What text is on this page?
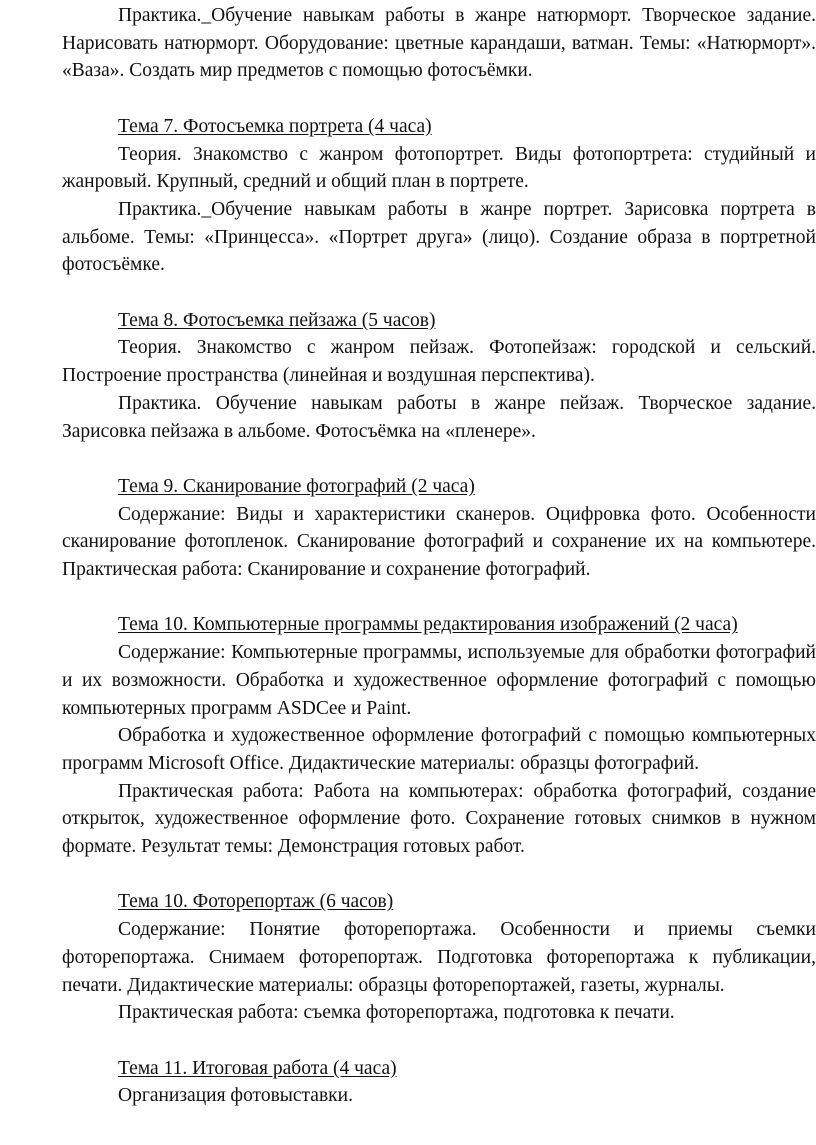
Практика._Обучение навыкам работы в жанре натюрморт. Творческое задание. Нарисовать натюрморт. Оборудование: цветные карандаши, ватман. Темы: «Натюрморт». «Ваза». Создать мир предметов с помощью фотосъёмки.

Тема 7. Фотосъемка портрета (4 часа)

Теория. Знакомство с жанром фотопортрет. Виды фотопортрета: студийный и жанровый. Крупный, средний и общий план в портрете.

Практика._Обучение навыкам работы в жанре портрет. Зарисовка портрета в альбоме. Темы: «Принцесса». «Портрет друга» (лицо). Создание образа в портретной фотосъёмке.

Тема 8. Фотосъемка пейзажа (5 часов)

Теория. Знакомство с жанром пейзаж. Фотопейзаж: городской и сельский. Построение пространства (линейная и воздушная перспектива).

Практика. Обучение навыкам работы в жанре пейзаж. Творческое задание. Зарисовка пейзажа в альбоме. Фотосъёмка на «пленере».

Тема 9. Сканирование фотографий (2 часа)

Содержание: Виды и характеристики сканеров. Оцифровка фото. Особенности сканирование фотопленок. Сканирование фотографий и сохранение их на компьютере. Практическая работа: Сканирование и сохранение фотографий.

Тема 10. Компьютерные программы редактирования изображений (2 часа)

Содержание: Компьютерные программы, используемые для обработки фотографий и их возможности. Обработка и художественное оформление фотографий с помощью компьютерных программ ASDCee и Paint.

Обработка и художественное оформление фотографий с помощью компьютерных программ Microsoft Office. Дидактические материалы: образцы фотографий.

Практическая работа: Работа на компьютерах: обработка фотографий, создание открыток, художественное оформление фото. Сохранение готовых снимков в нужном формате. Результат темы: Демонстрация готовых работ.

Тема 10. Фоторепортаж (6 часов)

Содержание: Понятие фоторепортажа. Особенности и приемы съемки фоторепортажа. Снимаем фоторепортаж. Подготовка фоторепортажа к публикации, печати. Дидактические материалы: образцы фоторепортажей, газеты, журналы.

Практическая работа: съемка фоторепортажа, подготовка к печати.

Тема 11. Итоговая работа (4 часа)

Организация фотовыставки.
